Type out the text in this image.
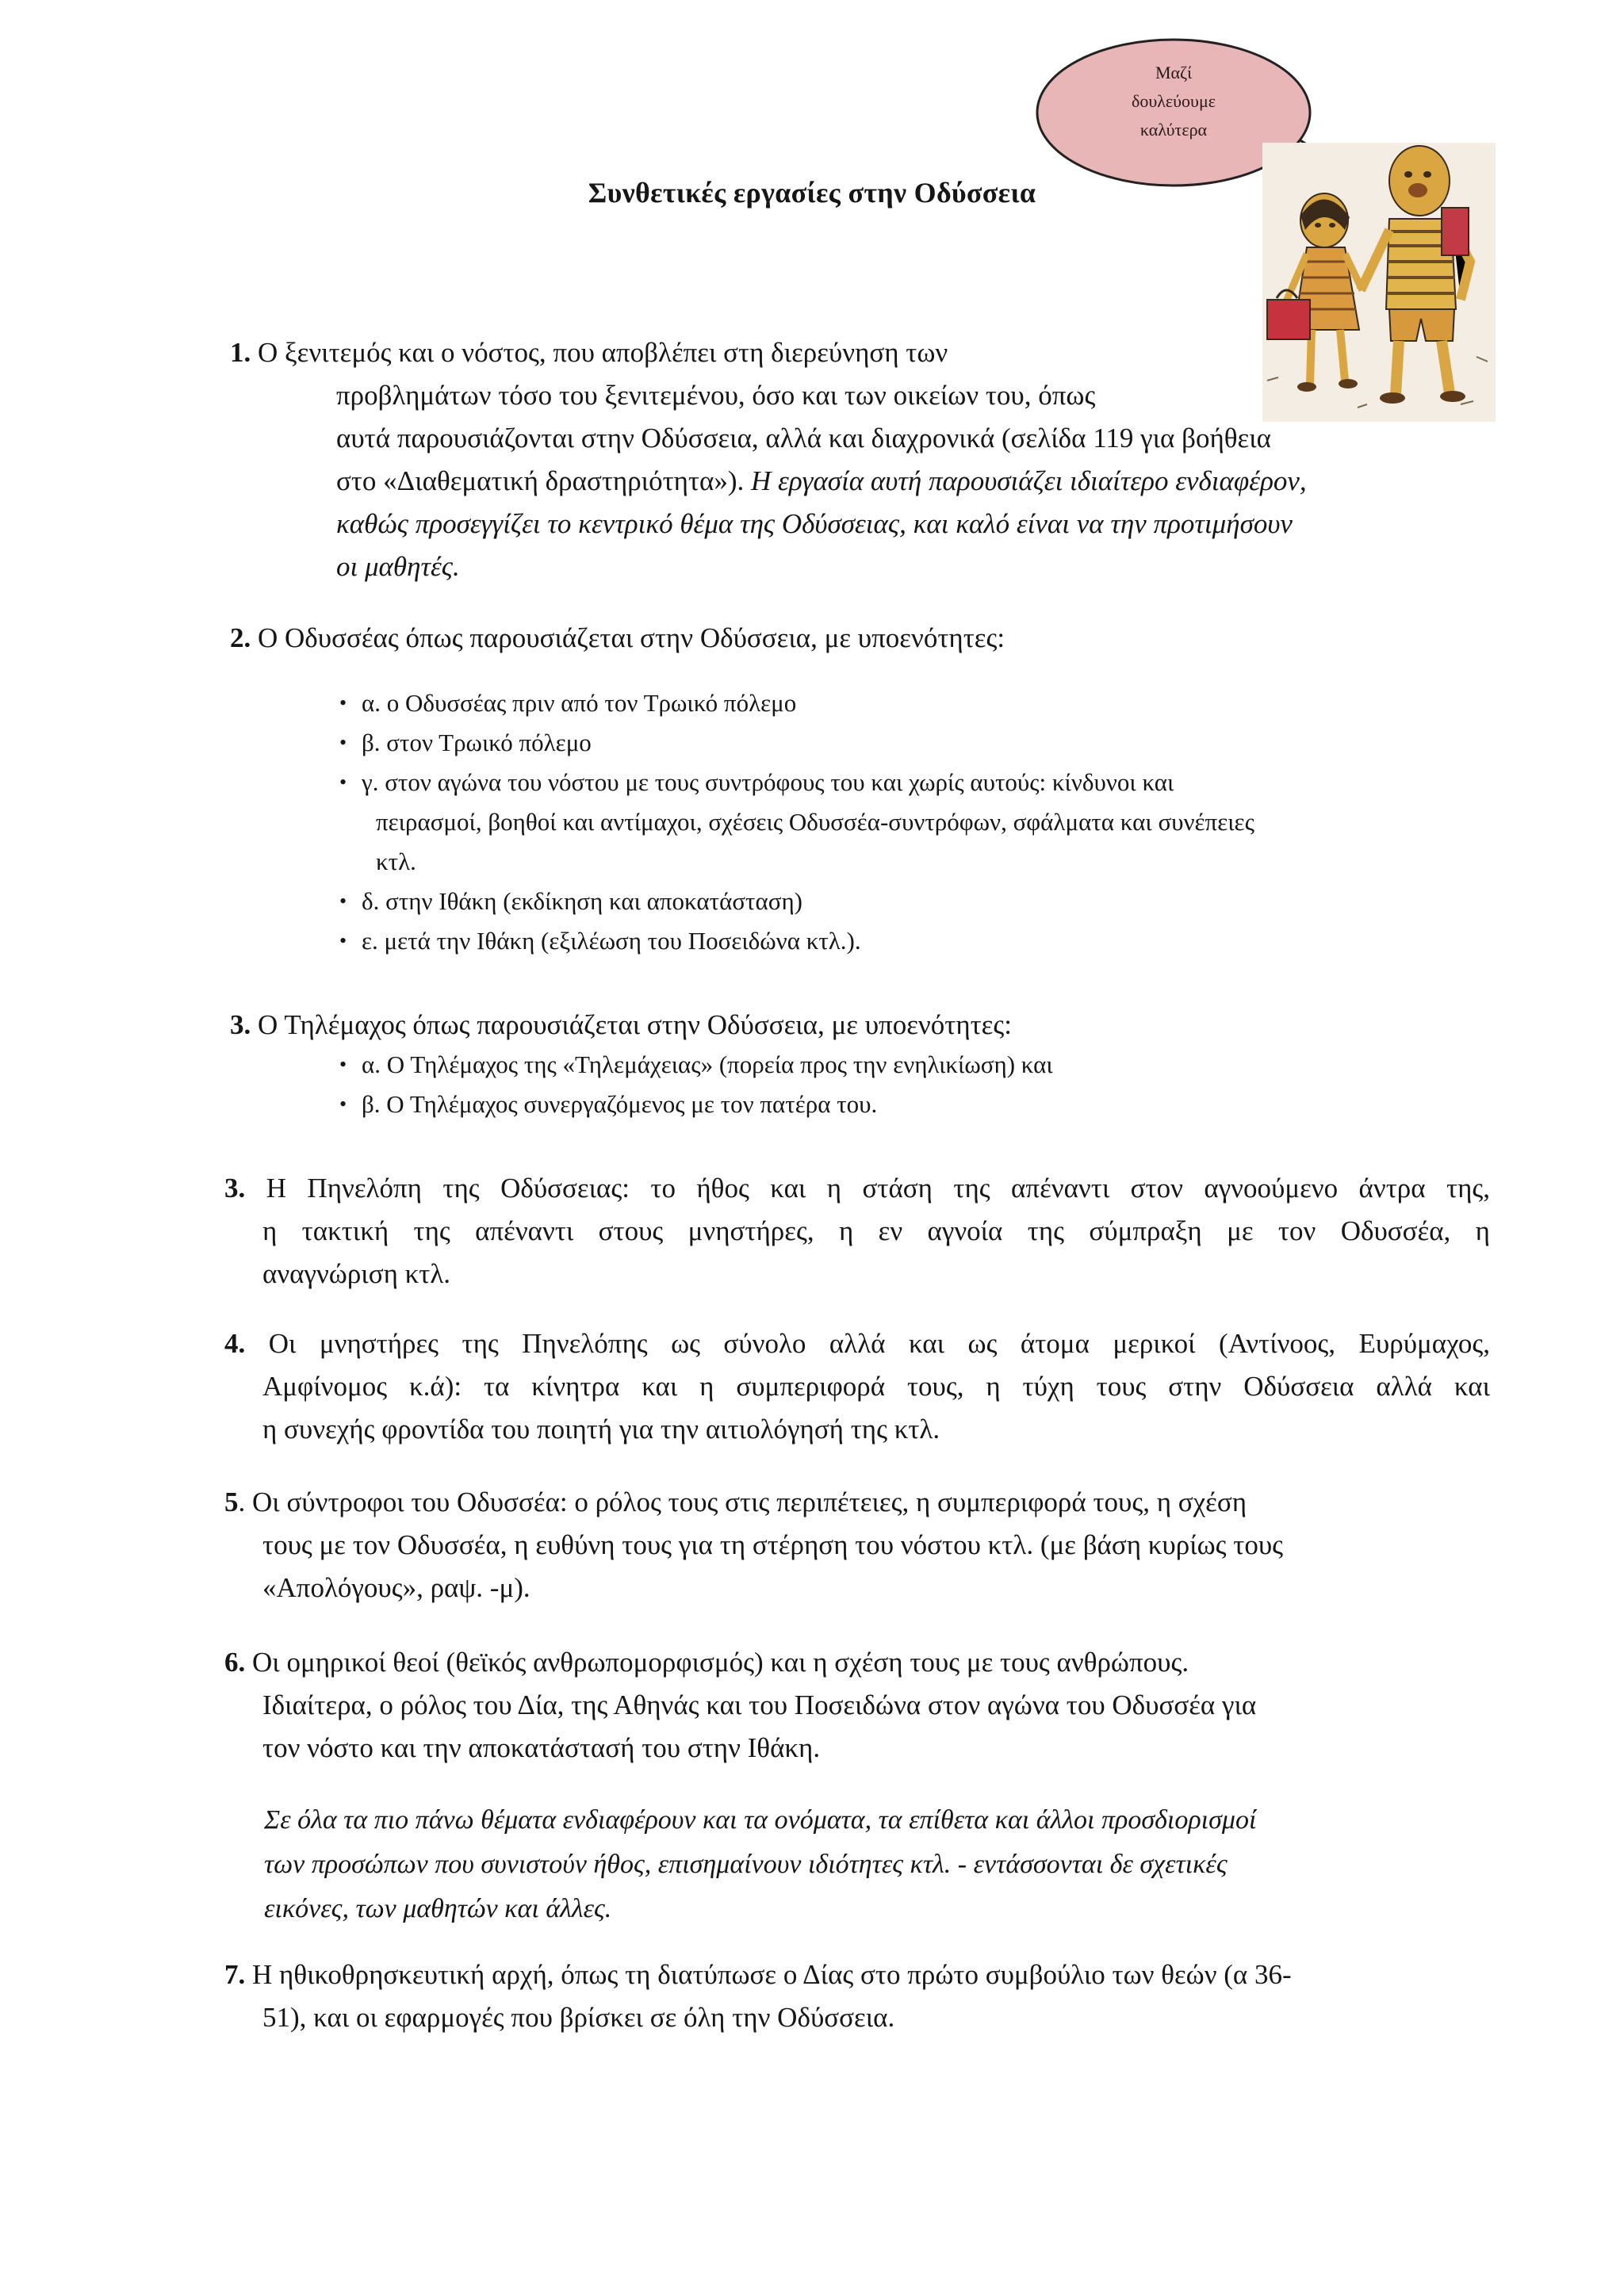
Συνθετικές εργασίες στην Οδύσσεια
Μαζί
δουλεύουμε
καλύτερα

1. Ο ξενιτεμός και ο νόστος, που αποβλέπει στη διερεύνηση των

προβλημάτων τόσο του ξενιτεμένου, όσο και των οικείων του, όπως

αυτά παρουσιάζονται στην Οδύσσεια, αλλά και διαχρονικά (σελίδα 119 για βοήθεια

στο «Διαθεματική δραστηριότητα»). Η εργασία αυτή παρουσιάζει ιδιαίτερο ενδιαφέρον,

καθώς προσεγγίζει το κεντρικό θέμα της Οδύσσειας, και καλό είναι να την προτιμήσουν

οι μαθητές.

2. Ο Οδυσσέας όπως παρουσιάζεται στην Οδύσσεια, με υποενότητες:

• α. ο Οδυσσέας πριν από τον Τρωικό πόλεμο
• β. στον Τρωικό πόλεμο
• γ. στον αγώνα του νόστου με τους συντρόφους του και χωρίς αυτούς: κίνδυνοι και
πειρασμοί, βοηθοί και αντίμαχοι, σχέσεις Οδυσσέα-συντρόφων, σφάλματα και συνέπειες
κτλ.
• δ. στην Ιθάκη (εκδίκηση και αποκατάσταση)
• ε. μετά την Ιθάκη (εξιλέωση του Ποσειδώνα κτλ.).

3. Ο Τηλέμαχος όπως παρουσιάζεται στην Οδύσσεια, με υποενότητες:

• α. Ο Τηλέμαχος της «Τηλεμάχειας» (πορεία προς την ενηλικίωση) και
• β. Ο Τηλέμαχος συνεργαζόμενος με τον πατέρα του.

3. Η Πηνελόπη της Οδύσσειας: το ήθος και η στάση της απέναντι στον αγνοούμενο άντρα της,

η τακτική της απέναντι στους μνηστήρες, η εν αγνοία της σύμπραξη με τον Οδυσσέα, η

αναγνώριση κτλ.

4. Οι μνηστήρες της Πηνελόπης ως σύνολο αλλά και ως άτομα μερικοί (Αντίνοος, Ευρύμαχος,

Αμφίνομος κ.ά): τα κίνητρα και η συμπεριφορά τους, η τύχη τους στην Οδύσσεια αλλά και

η συνεχής φροντίδα του ποιητή για την αιτιολόγησή της κτλ.

5. Οι σύντροφοι του Οδυσσέα: ο ρόλος τους στις περιπέτειες, η συμπεριφορά τους, η σχέση

τους με τον Οδυσσέα, η ευθύνη τους για τη στέρηση του νόστου κτλ. (με βάση κυρίως τους

«Απολόγους», ραψ. -μ).

6. Οι ομηρικοί θεοί (θεϊκός ανθρωπομορφισμός) και η σχέση τους με τους ανθρώπους.

Ιδιαίτερα, ο ρόλος του Δία, της Αθηνάς και του Ποσειδώνα στον αγώνα του Οδυσσέα για

τον νόστο και την αποκατάστασή του στην Ιθάκη.

Σε όλα τα πιο πάνω θέματα ενδιαφέρουν και τα ονόματα, τα επίθετα και άλλοι προσδιορισμοί

των προσώπων που συνιστούν ήθος, επισημαίνουν ιδιότητες κτλ. - εντάσσονται δε σχετικές

εικόνες, των μαθητών και άλλες.

7. Η ηθικοθρησκευτική αρχή, όπως τη διατύπωσε ο Δίας στο πρώτο συμβούλιο των θεών (α 36-

51), και οι εφαρμογές που βρίσκει σε όλη την Οδύσσεια.
